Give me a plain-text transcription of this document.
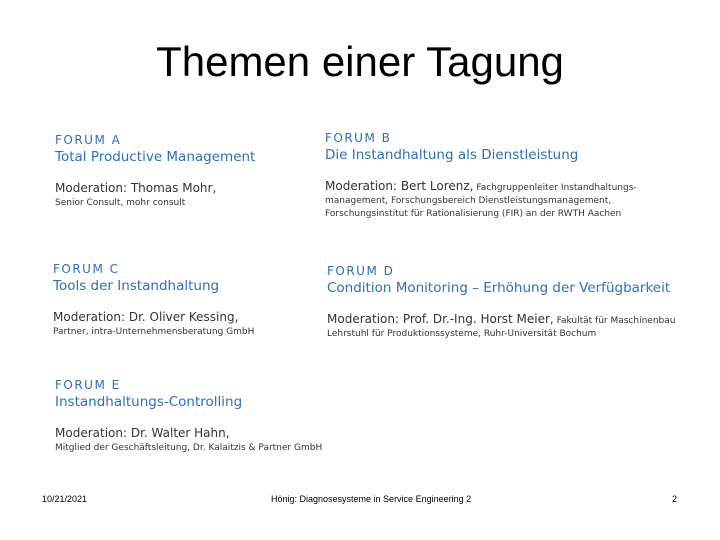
Themen einer Tagung
FORUM A
Total Productive Management
Moderation: Thomas Mohr,
Senior Consult, mohr consult
FORUM B
Die Instandhaltung als Dienstleistung
Moderation: Bert Lorenz, Fachgruppenleiter Instandhaltungs-
management, Forschungsbereich Dienstleistungsmanagement,
Forschungsinstitut für Rationalisierung (FIR) an der RWTH Aachen
FORUM C
Tools der Instandhaltung
Moderation: Dr. Oliver Kessing,
Partner, intra-Unternehmensberatung GmbH
FORUM D
Condition Monitoring – Erhöhung der Verfügbarkeit
Moderation: Prof. Dr.-Ing. Horst Meier, Fakultät für Maschinenbau
Lehrstuhl für Produktionssysteme, Ruhr-Universität Bochum
FORUM E
Instandhaltungs-Controlling
Moderation: Dr. Walter Hahn,
Mitglied der Geschäftsleitung, Dr. Kalaitzis & Partner GmbH
10/21/2021	Hönig: Diagnosesysteme in Service Engineering 2	2
